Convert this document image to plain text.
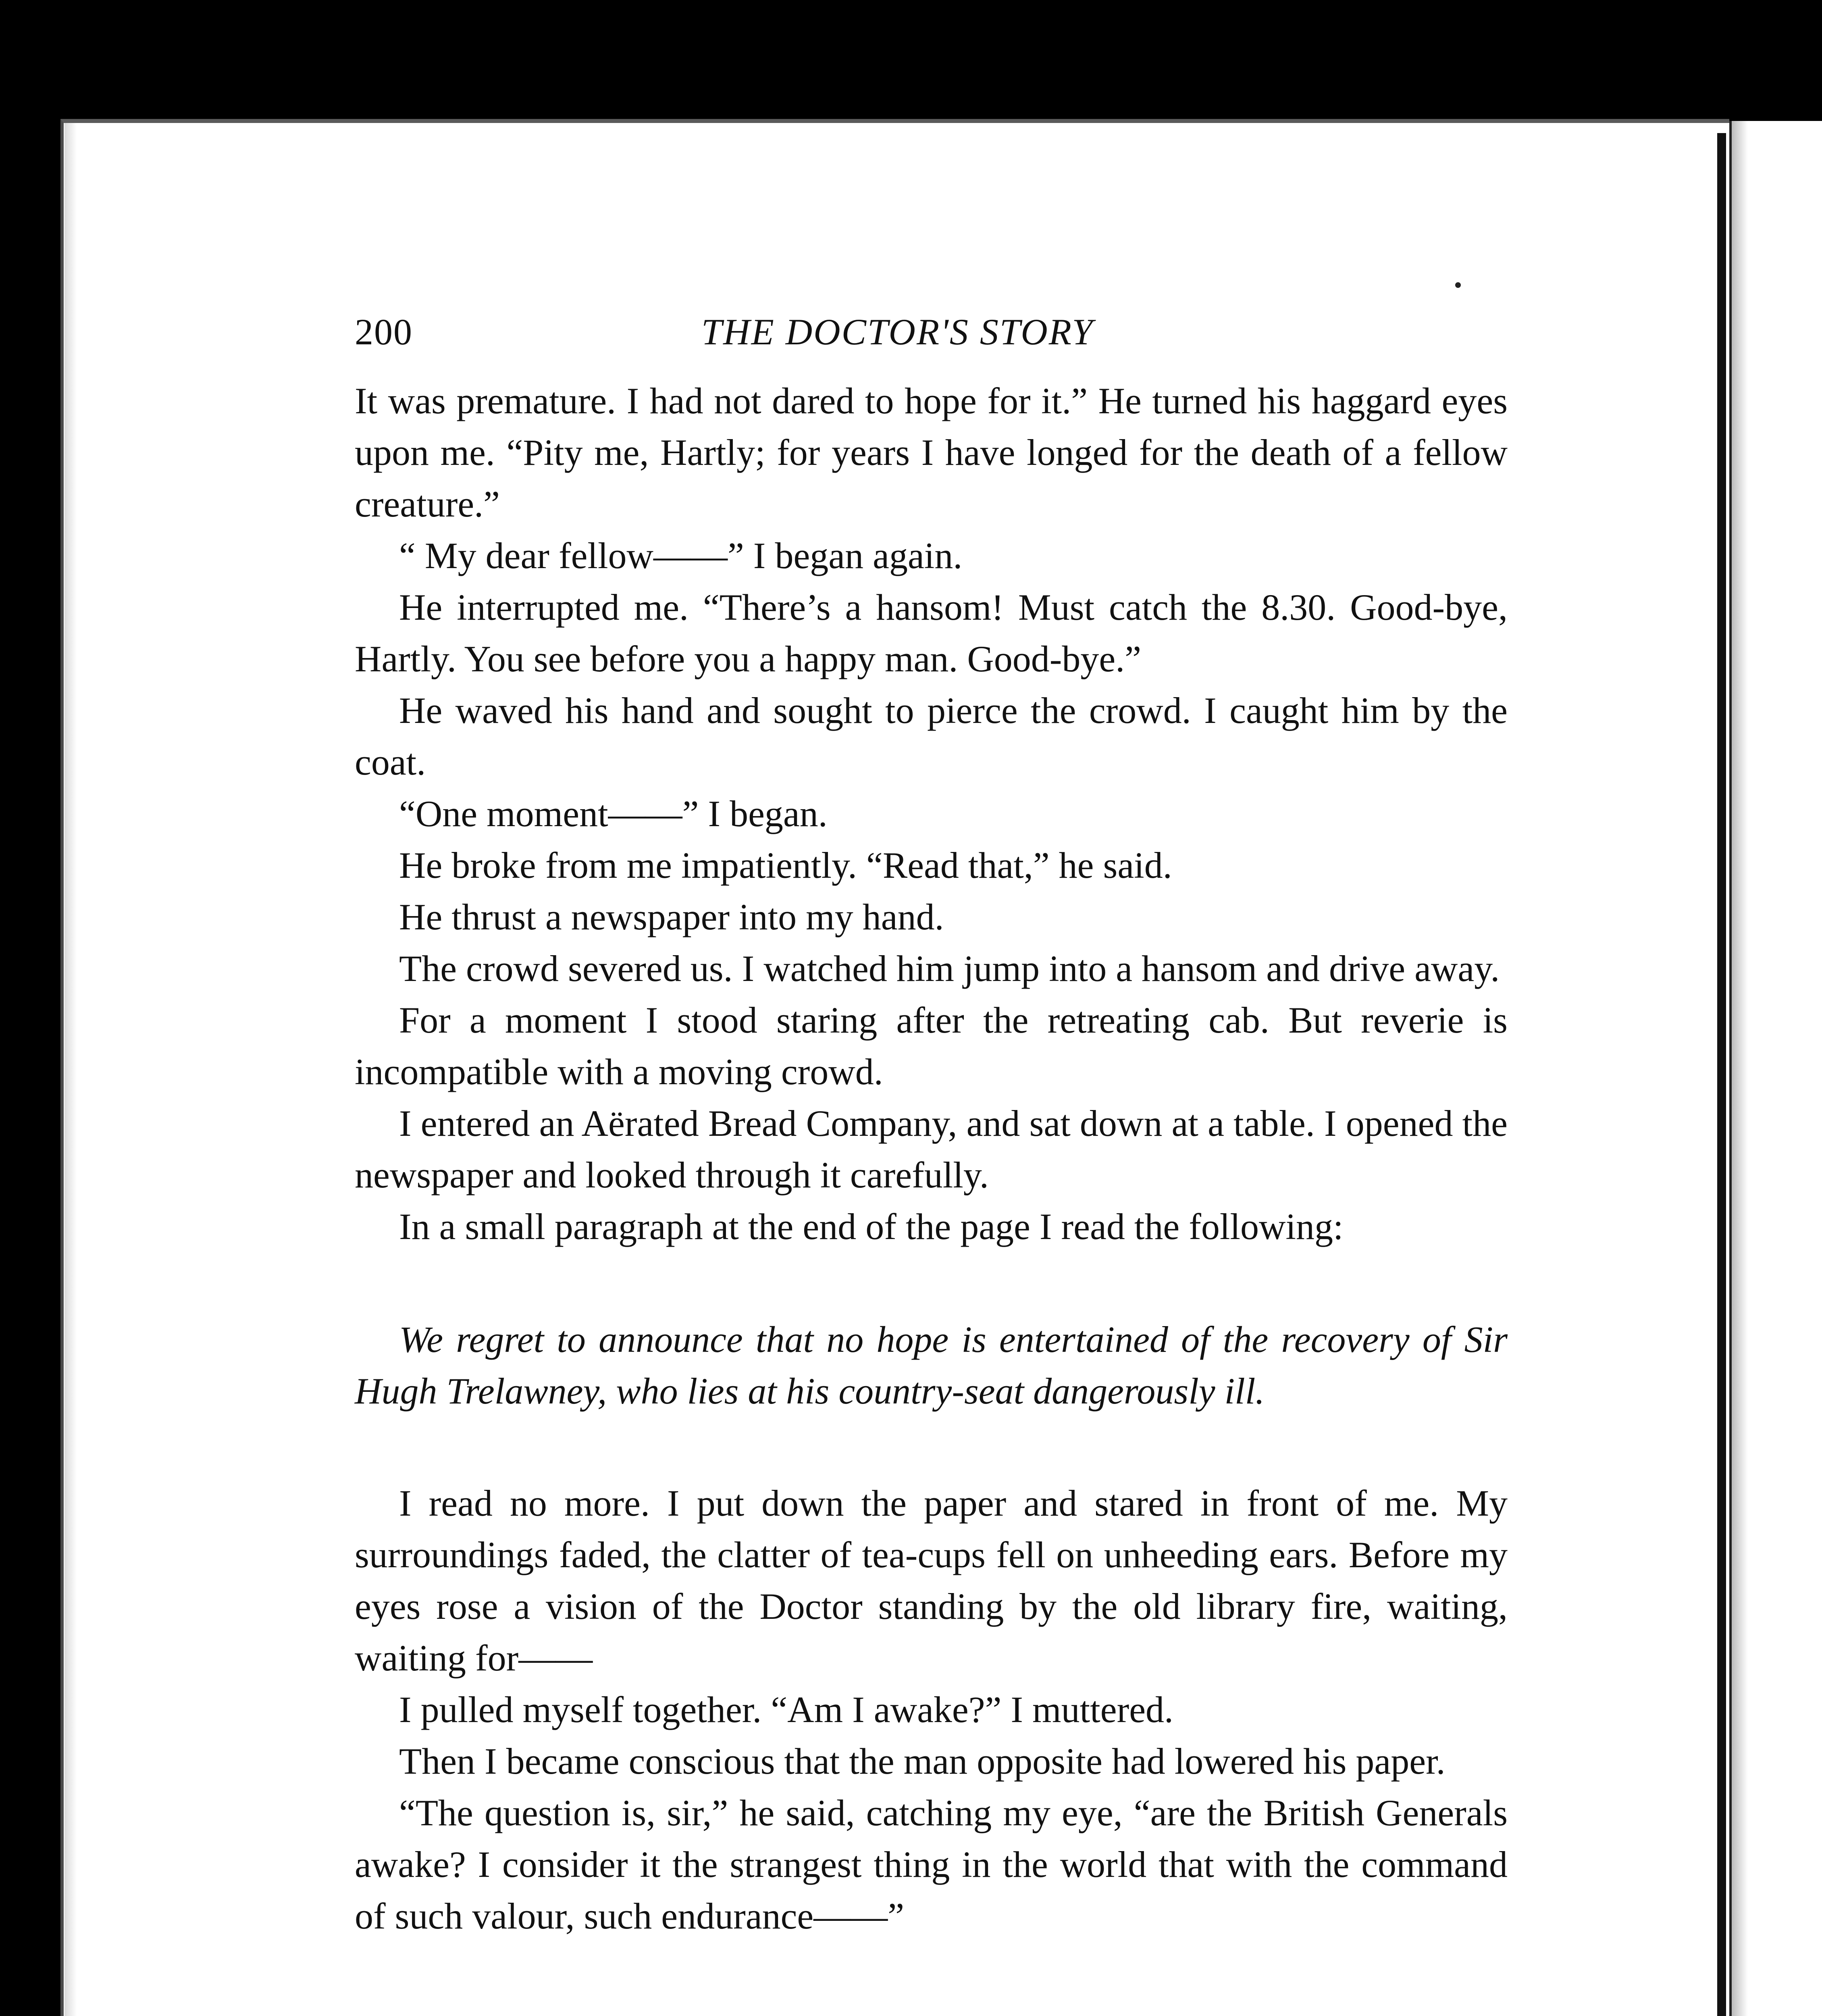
200	THE DOCTOR'S STORY

It was premature. I had not dared to hope for it.” He turned his haggard eyes upon me. “Pity me, Hartly; for years I have longed for the death of a fellow creature.”

“ My dear fellow——” I began again.

He interrupted me. “There’s a hansom! Must catch the 8.30. Good-bye, Hartly. You see before you a happy man. Good-bye.”

He waved his hand and sought to pierce the crowd. I caught him by the coat.

“One moment——” I began.

He broke from me impatiently. “Read that,” he said.

He thrust a newspaper into my hand.

The crowd severed us. I watched him jump into a hansom and drive away.

For a moment I stood staring after the retreating cab. But reverie is incompatible with a moving crowd.

I entered an Aërated Bread Company, and sat down at a table. I opened the newspaper and looked through it carefully.

In a small paragraph at the end of the page I read the following:

We regret to announce that no hope is entertained of the recovery of Sir Hugh Trelawney, who lies at his country-seat dangerously ill.

I read no more. I put down the paper and stared in front of me. My surroundings faded, the clatter of tea-cups fell on unheeding ears. Before my eyes rose a vision of the Doctor standing by the old library fire, waiting, waiting for——

I pulled myself together. “Am I awake?” I muttered.

Then I became conscious that the man opposite had lowered his paper.

“The question is, sir,” he said, catching my eye, “are the British Generals awake? I consider it the strangest thing in the world that with the command of such valour, such endurance——”
